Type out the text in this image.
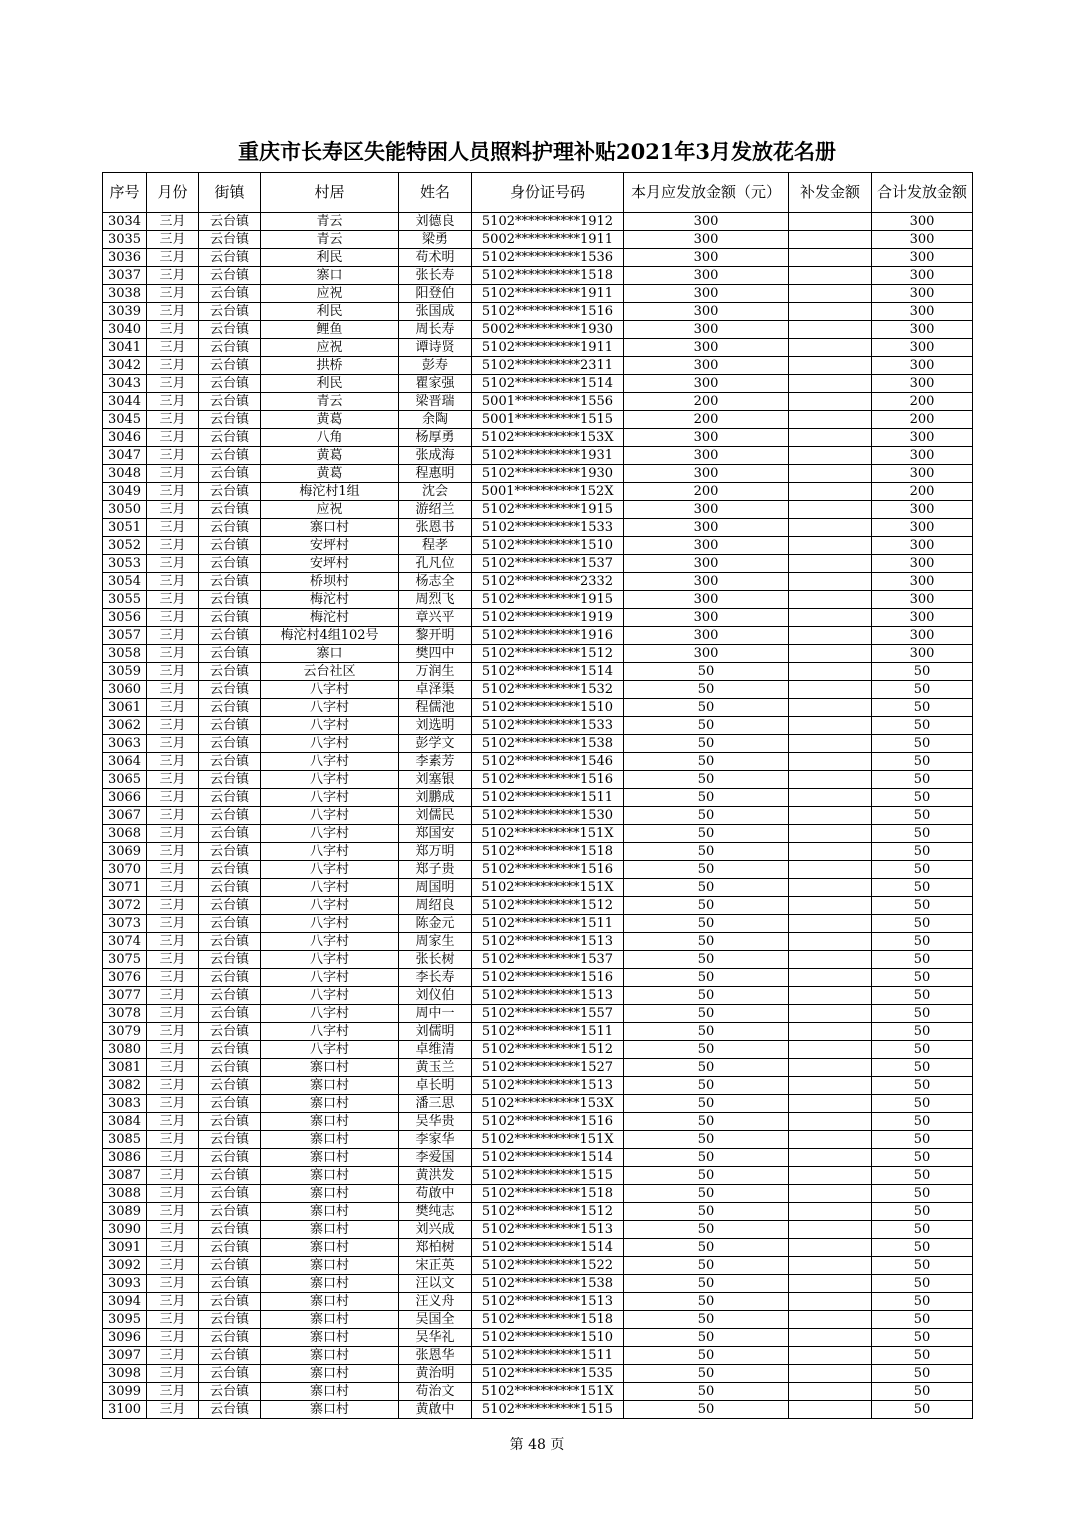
重庆市长寿区失能特困人员照料护理补贴2021年3月发放花名册
序号	月份	街镇	村居	姓名	身份证号码	本月应发放金额（元）	补发金额	合计发放金额
3034	三月	云台镇	青云	刘德良	5102**********1912	300		300
3035	三月	云台镇	青云	梁勇	5002**********1911	300		300
3036	三月	云台镇	利民	苟术明	5102**********1536	300		300
3037	三月	云台镇	寨口	张长寿	5102**********1518	300		300
3038	三月	云台镇	应祝	阳登伯	5102**********1911	300		300
3039	三月	云台镇	利民	张国成	5102**********1516	300		300
3040	三月	云台镇	鲤鱼	周长寿	5002**********1930	300		300
3041	三月	云台镇	应祝	谭诗贤	5102**********1911	300		300
3042	三月	云台镇	拱桥	彭寿	5102**********2311	300		300
3043	三月	云台镇	利民	瞿家强	5102**********1514	300		300
3044	三月	云台镇	青云	梁晋瑞	5001**********1556	200		200
3045	三月	云台镇	黄葛	余陶	5001**********1515	200		200
3046	三月	云台镇	八角	杨厚勇	5102**********153X	300		300
3047	三月	云台镇	黄葛	张成海	5102**********1931	300		300
3048	三月	云台镇	黄葛	程惠明	5102**********1930	300		300
3049	三月	云台镇	梅沱村1组	沈会	5001**********152X	200		200
3050	三月	云台镇	应祝	游绍兰	5102**********1915	300		300
3051	三月	云台镇	寨口村	张恩书	5102**********1533	300		300
3052	三月	云台镇	安坪村	程孝	5102**********1510	300		300
3053	三月	云台镇	安坪村	孔凡位	5102**********1537	300		300
3054	三月	云台镇	桥坝村	杨志全	5102**********2332	300		300
3055	三月	云台镇	梅沱村	周烈飞	5102**********1915	300		300
3056	三月	云台镇	梅沱村	章兴平	5102**********1919	300		300
3057	三月	云台镇	梅沱村4组102号	黎开明	5102**********1916	300		300
3058	三月	云台镇	寨口	樊四中	5102**********1512	300		300
3059	三月	云台镇	云台社区	万润生	5102**********1514	50		50
3060	三月	云台镇	八字村	卓泽渠	5102**********1532	50		50
3061	三月	云台镇	八字村	程儒池	5102**********1510	50		50
3062	三月	云台镇	八字村	刘选明	5102**********1533	50		50
3063	三月	云台镇	八字村	彭学文	5102**********1538	50		50
3064	三月	云台镇	八字村	李素芳	5102**********1546	50		50
3065	三月	云台镇	八字村	刘塞银	5102**********1516	50		50
3066	三月	云台镇	八字村	刘鹏成	5102**********1511	50		50
3067	三月	云台镇	八字村	刘儒民	5102**********1530	50		50
3068	三月	云台镇	八字村	郑国安	5102**********151X	50		50
3069	三月	云台镇	八字村	郑万明	5102**********1518	50		50
3070	三月	云台镇	八字村	郑子贵	5102**********1516	50		50
3071	三月	云台镇	八字村	周国明	5102**********151X	50		50
3072	三月	云台镇	八字村	周绍良	5102**********1512	50		50
3073	三月	云台镇	八字村	陈金元	5102**********1511	50		50
3074	三月	云台镇	八字村	周家生	5102**********1513	50		50
3075	三月	云台镇	八字村	张长树	5102**********1537	50		50
3076	三月	云台镇	八字村	李长寿	5102**********1516	50		50
3077	三月	云台镇	八字村	刘仪伯	5102**********1513	50		50
3078	三月	云台镇	八字村	周中一	5102**********1557	50		50
3079	三月	云台镇	八字村	刘儒明	5102**********1511	50		50
3080	三月	云台镇	八字村	卓维清	5102**********1512	50		50
3081	三月	云台镇	寨口村	黄玉兰	5102**********1527	50		50
3082	三月	云台镇	寨口村	卓长明	5102**********1513	50		50
3083	三月	云台镇	寨口村	潘三思	5102**********153X	50		50
3084	三月	云台镇	寨口村	吴华贵	5102**********1516	50		50
3085	三月	云台镇	寨口村	李家华	5102**********151X	50		50
3086	三月	云台镇	寨口村	李爱国	5102**********1514	50		50
3087	三月	云台镇	寨口村	黄洪发	5102**********1515	50		50
3088	三月	云台镇	寨口村	苟啟中	5102**********1518	50		50
3089	三月	云台镇	寨口村	樊纯志	5102**********1512	50		50
3090	三月	云台镇	寨口村	刘兴成	5102**********1513	50		50
3091	三月	云台镇	寨口村	郑柏树	5102**********1514	50		50
3092	三月	云台镇	寨口村	宋正英	5102**********1522	50		50
3093	三月	云台镇	寨口村	汪以文	5102**********1538	50		50
3094	三月	云台镇	寨口村	汪义舟	5102**********1513	50		50
3095	三月	云台镇	寨口村	吴国全	5102**********1518	50		50
3096	三月	云台镇	寨口村	吴华礼	5102**********1510	50		50
3097	三月	云台镇	寨口村	张恩华	5102**********1511	50		50
3098	三月	云台镇	寨口村	黄治明	5102**********1535	50		50
3099	三月	云台镇	寨口村	苟治文	5102**********151X	50		50
3100	三月	云台镇	寨口村	黄啟中	5102**********1515	50		50
第 48 页
